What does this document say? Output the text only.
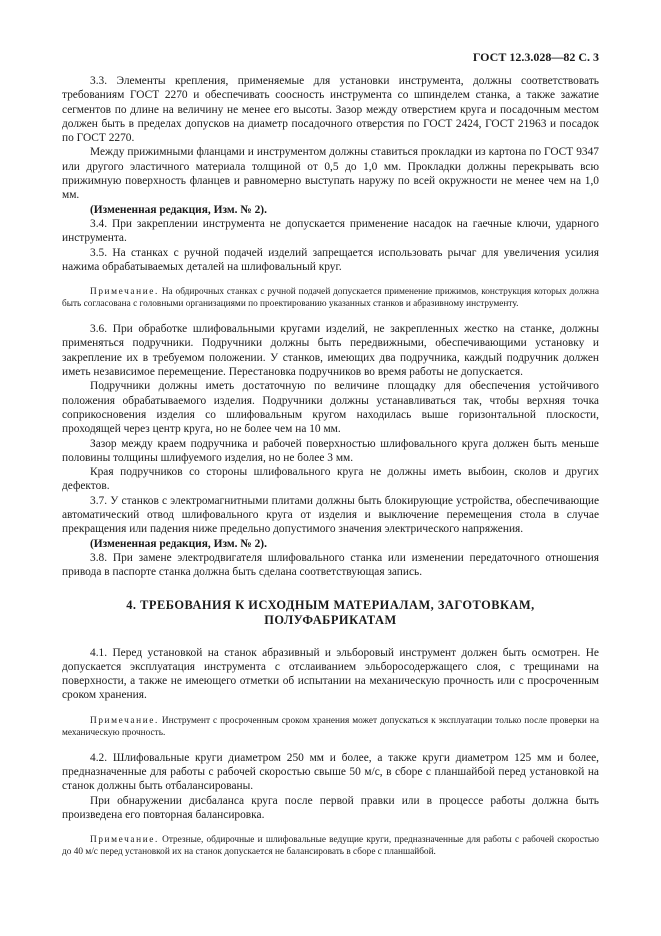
ГОСТ 12.3.028—82 С. 3

3.3. Элементы крепления, применяемые для установки инструмента, должны соответствовать требованиям ГОСТ 2270 и обеспечивать соосность инструмента со шпинделем станка, а также зажатие сегментов по длине на величину не менее его высоты. Зазор между отверстием круга и посадочным местом должен быть в пределах допусков на диаметр посадочного отверстия по ГОСТ 2424, ГОСТ 21963 и посадок по ГОСТ 2270.

Между прижимными фланцами и инструментом должны ставиться прокладки из картона по ГОСТ 9347 или другого эластичного материала толщиной от 0,5 до 1,0 мм. Прокладки должны перекрывать всю прижимную поверхность фланцев и равномерно выступать наружу по всей окружности не менее чем на 1,0 мм.

(Измененная редакция, Изм. № 2).

3.4. При закреплении инструмента не допускается применение насадок на гаечные ключи, ударного инструмента.

3.5. На станках с ручной подачей изделий запрещается использовать рычаг для увеличения усилия нажима обрабатываемых деталей на шлифовальный круг.

Примечание. На обдирочных станках с ручной подачей допускается применение прижимов, конструкция которых должна быть согласована с головными организациями по проектированию указанных станков и абразивному инструменту.

3.6. При обработке шлифовальными кругами изделий, не закрепленных жестко на станке, должны применяться подручники. Подручники должны быть передвижными, обеспечивающими установку и закрепление их в требуемом положении. У станков, имеющих два подручника, каждый подручник должен иметь независимое перемещение. Перестановка подручников во время работы не допускается.

Подручники должны иметь достаточную по величине площадку для обеспечения устойчивого положения обрабатываемого изделия. Подручники должны устанавливаться так, чтобы верхняя точка соприкосновения изделия со шлифовальным кругом находилась выше горизонтальной плоскости, проходящей через центр круга, но не более чем на 10 мм.

Зазор между краем подручника и рабочей поверхностью шлифовального круга должен быть меньше половины толщины шлифуемого изделия, но не более 3 мм.

Края подручников со стороны шлифовального круга не должны иметь выбоин, сколов и других дефектов.

3.7. У станков с электромагнитными плитами должны быть блокирующие устройства, обеспечивающие автоматический отвод шлифовального круга от изделия и выключение перемещения стола в случае прекращения или падения ниже предельно допустимого значения электрического напряжения.

(Измененная редакция, Изм. № 2).

3.8. При замене электродвигателя шлифовального станка или изменении передаточного отношения привода в паспорте станка должна быть сделана соответствующая запись.

4. ТРЕБОВАНИЯ К ИСХОДНЫМ МАТЕРИАЛАМ, ЗАГОТОВКАМ, ПОЛУФАБРИКАТАМ

4.1. Перед установкой на станок абразивный и эльборовый инструмент должен быть осмотрен. Не допускается эксплуатация инструмента с отслаиванием эльборосодержащего слоя, с трещинами на поверхности, а также не имеющего отметки об испытании на механическую прочность или с просроченным сроком хранения.

Примечание. Инструмент с просроченным сроком хранения может допускаться к эксплуатации только после проверки на механическую прочность.

4.2. Шлифовальные круги диаметром 250 мм и более, а также круги диаметром 125 мм и более, предназначенные для работы с рабочей скоростью свыше 50 м/с, в сборе с планшайбой перед установкой на станок должны быть отбалансированы.

При обнаружении дисбаланса круга после первой правки или в процессе работы должна быть произведена его повторная балансировка.

Примечание. Отрезные, обдирочные и шлифовальные ведущие круги, предназначенные для работы с рабочей скоростью до 40 м/с перед установкой их на станок допускается не балансировать в сборе с планшайбой.
